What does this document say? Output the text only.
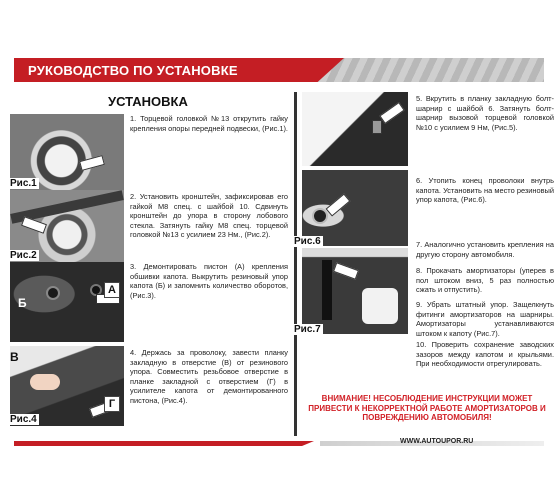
РУКОВОДСТВО ПО УСТАНОВКЕ
УСТАНОВКА
Рис.1
Рис.2
А
Б
В
Г
Рис.4
Рис.6
Рис.7
1. Торцевой головкой №13 открутить гайку крепления опоры передней подвески, (Рис.1).
2. Установить кронштейн, зафиксировав его гайкой М8 спец. с шайбой 10. Сдвинуть кронштейн до упора в сторону лобового стекла. Затянуть гайку М8 спец. торцевой головкой №13 с усилием 23 Нм., (Рис.2).
3. Демонтировать пистон (А) крепления обшивки капота. Выкрутить резиновый упор капота (Б) и запомнить количество оборотов, (Рис.3).
4. Держась за проволоку, завести планку закладную в отверстие (В) от резинового упора. Совместить резьбовое отверстие в планке закладной с отверстием (Г) в усилителе капота от демонтированного пистона, (Рис.4).
5. Вкрутить в планку закладную болт-шарнир с шайбой 6. Затянуть болт-шарнир вызовой торцевой головкой №10 с усилием 9 Нм, (Рис.5).
6. Утопить конец проволоки внутрь капота. Установить на место резиновый упор капота, (Рис.6).
7. Аналогично установить крепления на другую сторону автомобиля.
8. Прокачать амортизаторы (уперев в пол штоком вниз, 5 раз полностью сжать и отпустить).
9. Убрать штатный упор. Защелкнуть фитинги амортизаторов на шарниры. Амортизаторы устанавливаются штоком к капоту (Рис.7).
10. Проверить сохранение заводских зазоров между капотом и крыльями. При необходимости отрегулировать.
ВНИМАНИЕ! НЕСОБЛЮДЕНИЕ ИНСТРУКЦИИ МОЖЕТ ПРИВЕСТИ К НЕКОРРЕКТНОЙ РАБОТЕ АМОРТИЗАТОРОВ И ПОВРЕЖДЕНИЮ АВТОМОБИЛЯ!
WWW.AUTOUPOR.RU
